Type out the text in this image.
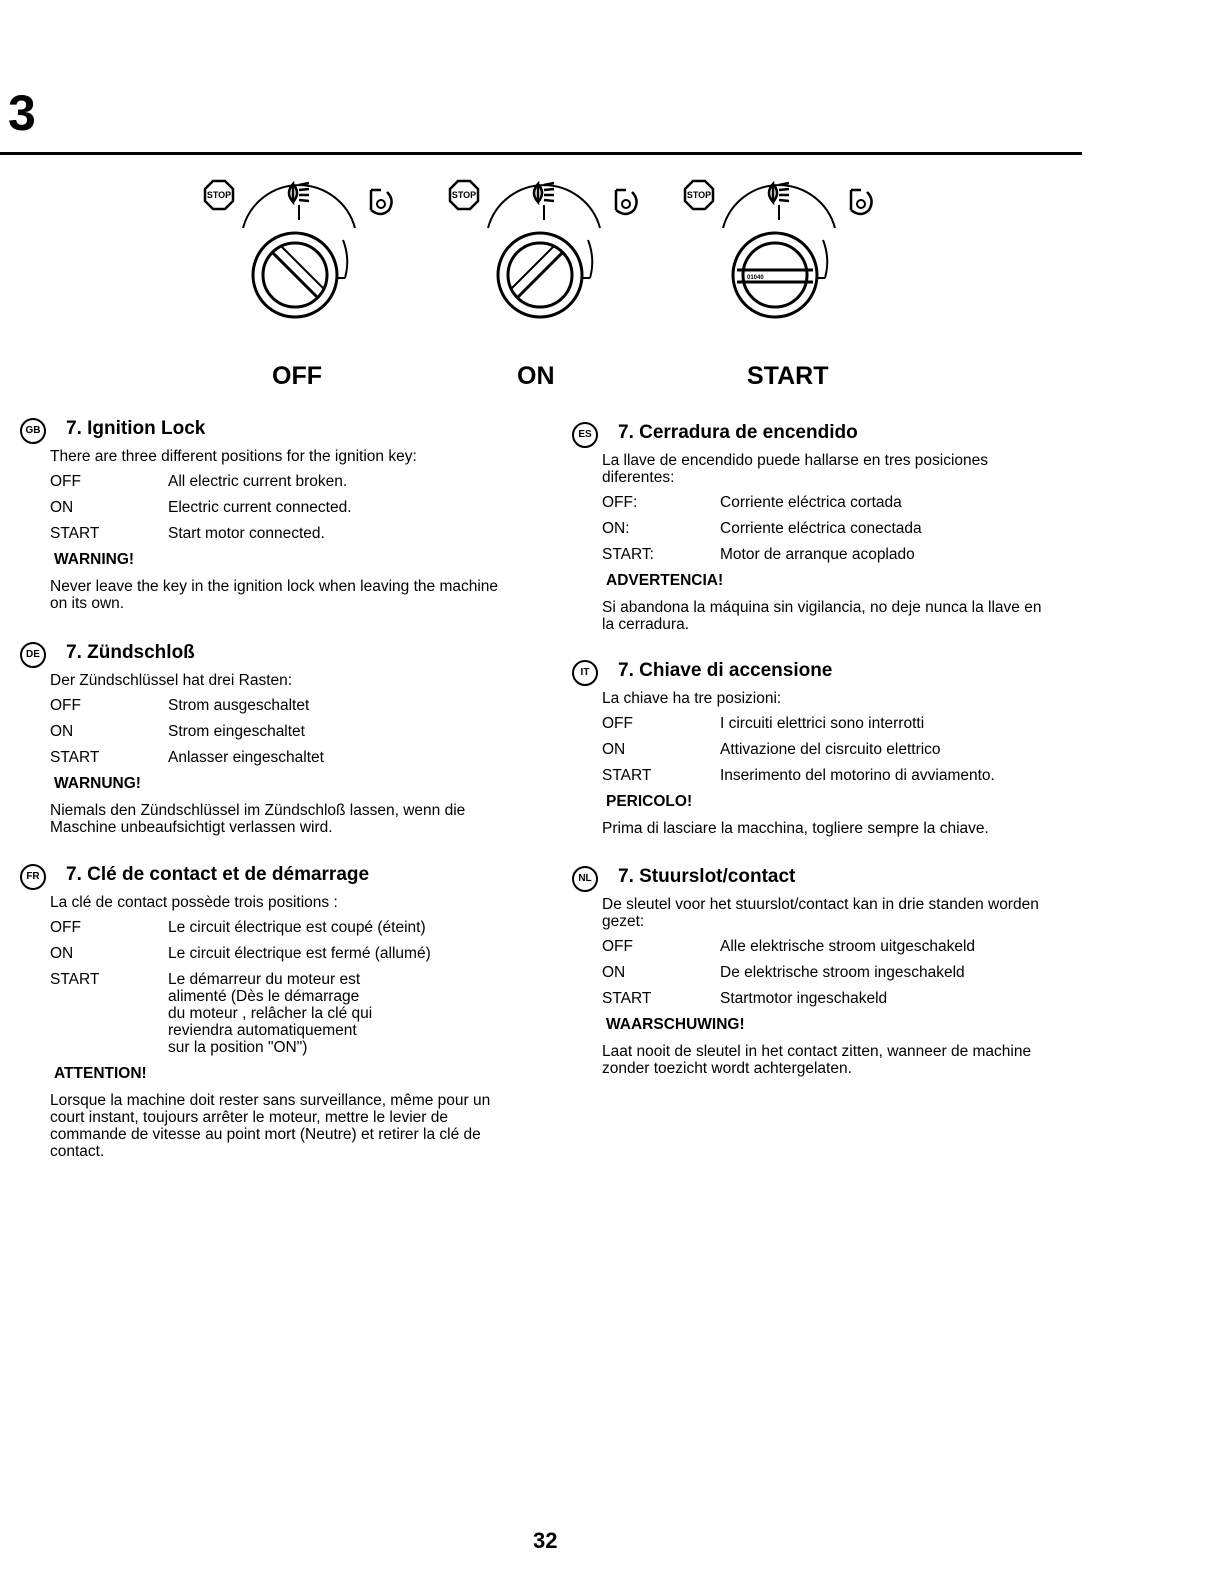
3
STOP	STOP	STOP
01040
OFF	ON	START
GB 7. Ignition Lock

There are three different positions for the ignition key:

OFF	All electric current broken.
ON	Electric current connected.
START	Start motor connected.

WARNING!

Never leave the key in the ignition lock when leaving the machine on its own.

DE	7. Zündschloß

Der Zündschlüssel hat drei Rasten:

OFF	Strom ausgeschaltet
ON	Strom eingeschaltet
START	Anlasser eingeschaltet

WARNUNG!

Niemals den Zündschlüssel im Zündschloß lassen, wenn die Maschine unbeaufsichtigt verlassen wird.

FR	7. Clé de contact et de démarrage

La clé de contact possède trois positions :

OFF	Le circuit électrique est coupé (éteint)
ON	Le circuit électrique est fermé (allumé)
START	Le démarreur du moteur est alimenté (Dès le démarrage du moteur , relâcher la clé qui reviendra automatiquement sur la position "ON")

ATTENTION!

Lorsque la machine doit rester sans surveillance, même pour un court instant, toujours arrêter le moteur, mettre le levier de commande de vitesse au point mort (Neutre) et retirer la clé de contact.

ES	7. Cerradura de encendido

La llave de encendido puede hallarse en tres posiciones diferentes:

OFF:	Corriente eléctrica cortada
ON:	Corriente eléctrica conectada
START:	Motor de arranque acoplado

ADVERTENCIA!

Si abandona la máquina sin vigilancia, no deje nunca la llave en la cerradura.

IT	7. Chiave di accensione

La chiave ha tre posizioni:

OFF	I circuiti elettrici sono interrotti
ON	Attivazione del cisrcuito elettrico
START	Inserimento del motorino di avviamento.

PERICOLO!

Prima di lasciare la macchina, togliere sempre la chiave.

NL	7. Stuurslot/contact

De sleutel voor het stuurslot/contact kan in drie standen worden gezet:

OFF	Alle elektrische stroom uitgeschakeld
ON	De elektrische stroom ingeschakeld
START	Startmotor ingeschakeld

WAARSCHUWING!

Laat nooit de sleutel in het contact zitten, wanneer de machine zonder toezicht wordt achtergelaten.

32
